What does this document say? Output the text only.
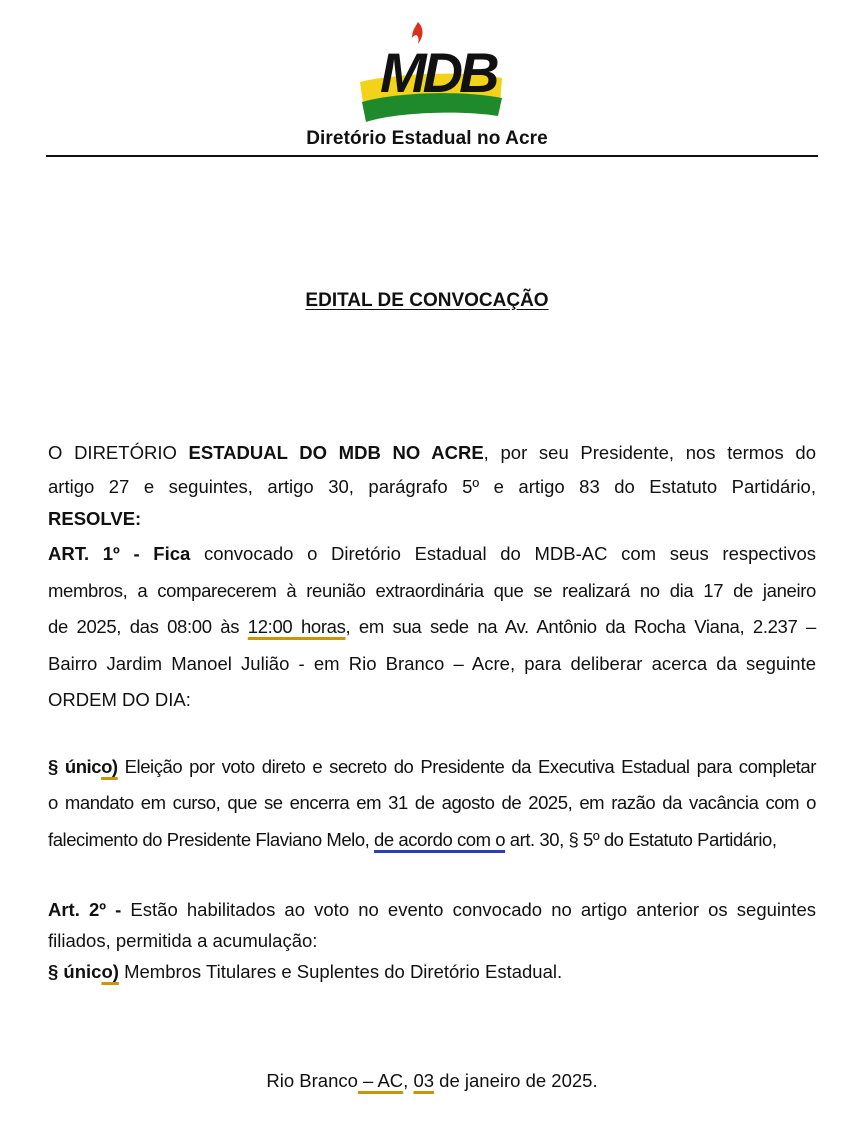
MDB
Diretório Estadual no Acre
EDITAL DE CONVOCAÇÃO
O DIRETÓRIO ESTADUAL DO MDB NO ACRE, por seu Presidente, nos termos do
artigo 27 e seguintes, artigo 30, parágrafo 5º e artigo 83 do Estatuto Partidário,
RESOLVE:
ART. 1º - Fica convocado o Diretório Estadual do MDB-AC com seus respectivos
membros, a comparecerem à reunião extraordinária que se realizará no dia 17 de janeiro
de 2025, das 08:00 às 12:00 horas, em sua sede na Av. Antônio da Rocha Viana, 2.237 –
Bairro Jardim Manoel Julião - em Rio Branco – Acre, para deliberar acerca da seguinte
ORDEM DO DIA:
§ único) Eleição por voto direto e secreto do Presidente da Executiva Estadual para completar
o mandato em curso, que se encerra em 31 de agosto de 2025, em razão da vacância com o
falecimento do Presidente Flaviano Melo, de acordo com o art. 30, § 5º do Estatuto Partidário,
Art. 2º - Estão habilitados ao voto no evento convocado no artigo anterior os seguintes
filiados, permitida a acumulação:
§ único) Membros Titulares e Suplentes do Diretório Estadual.
Rio Branco – AC, 03 de janeiro de 2025.
